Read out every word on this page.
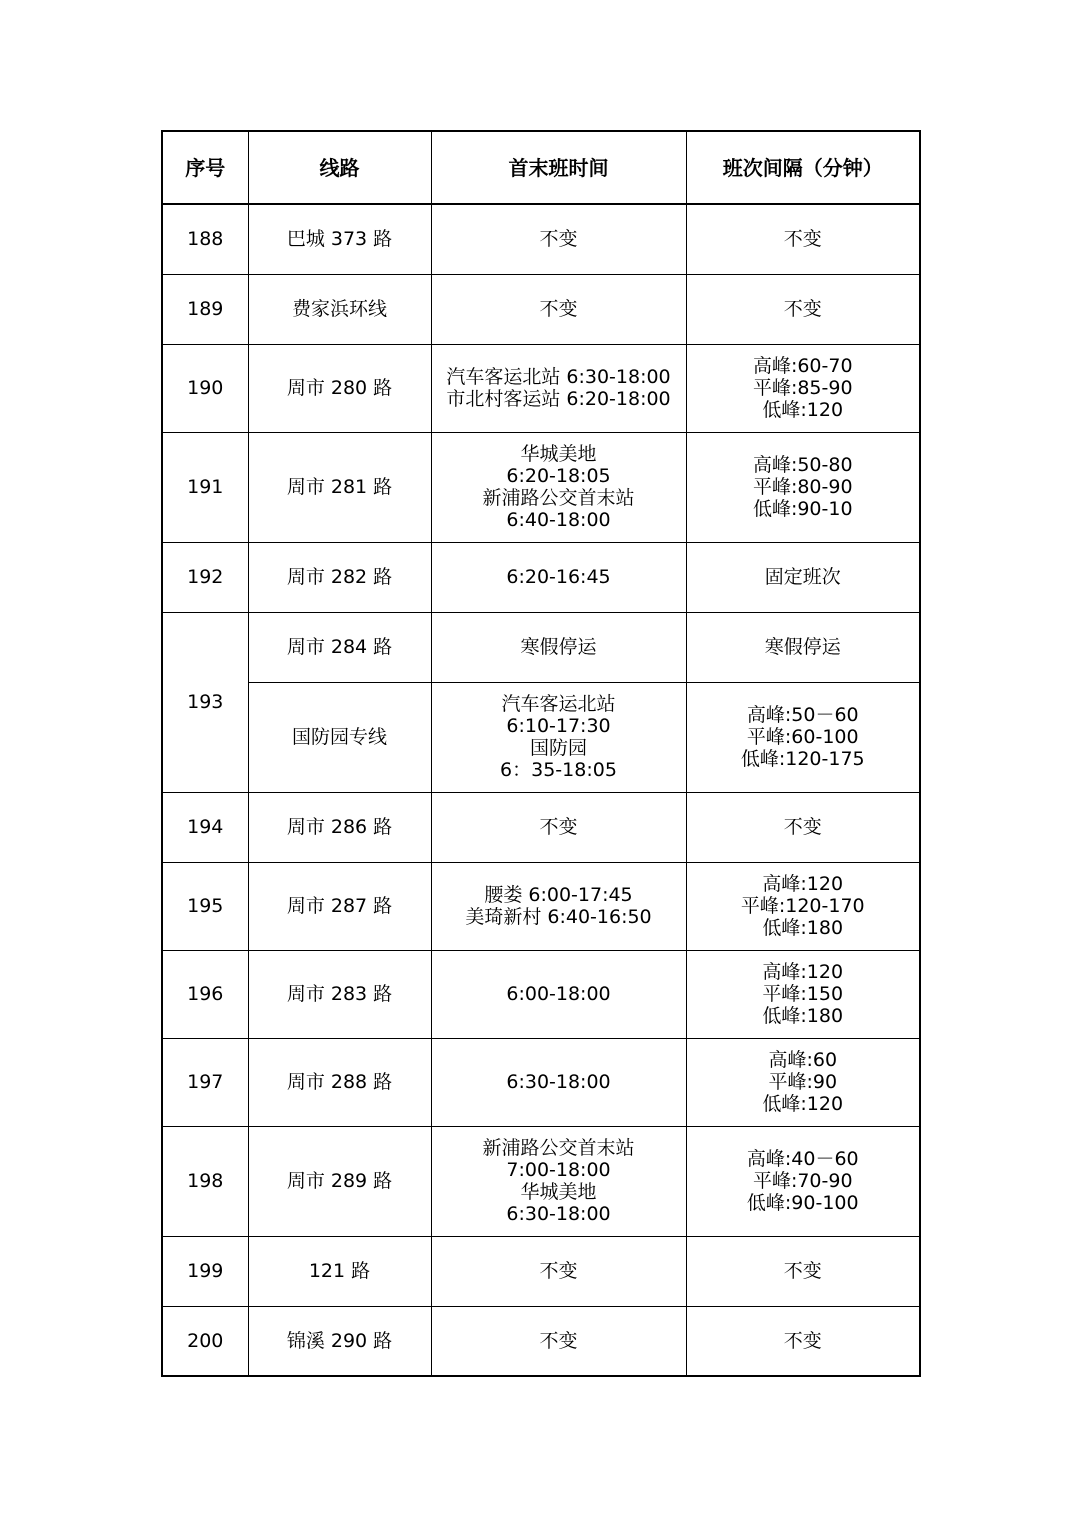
序号	线路	首末班时间	班次间隔（分钟）
188	巴城 373 路	不变	不变

189	费家浜环线	不变	不变

190	周市 280 路	汽车客运北站 6:30-18:00
市北村客运站 6:20-18:00	高峰:60-70
平峰:85-90
低峰:120

191	周市 281 路	华城美地
6:20-18:05
新浦路公交首末站
6:40-18:00	高峰:50-80
平峰:80-90
低峰:90-10

192	周市 282 路	6:20-16:45	固定班次

193	周市 284 路	寒假停运	寒假停运

	国防园专线	汽车客运北站
6:10-17:30
国防园
6：35-18:05	高峰:50－60
平峰:60-100
低峰:120-175

194	周市 286 路	不变	不变

195	周市 287 路	腰娄 6:00-17:45
美琦新村 6:40-16:50	高峰:120
平峰:120-170
低峰:180

196	周市 283 路	6:00-18:00	高峰:120
平峰:150
低峰:180

197	周市 288 路	6:30-18:00	高峰:60
平峰:90
低峰:120

198	周市 289 路	新浦路公交首末站
7:00-18:00
华城美地
6:30-18:00	高峰:40－60
平峰:70-90
低峰:90-100

199	121 路	不变	不变

200	锦溪 290 路	不变	不变
